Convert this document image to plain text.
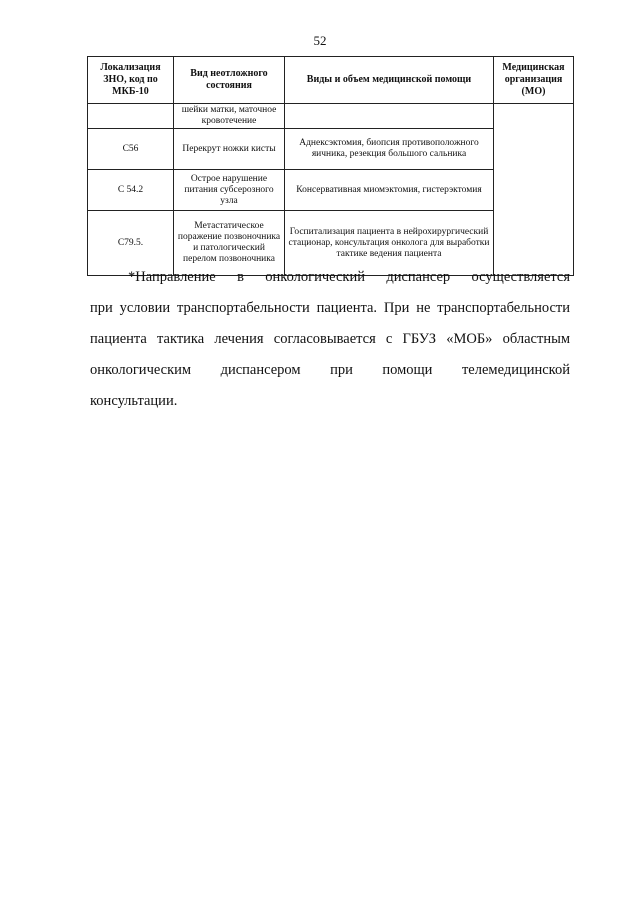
52
Локализация ЗНО, код по МКБ-10	Вид неотложного состояния	Виды и объем медицинской помощи	Медицинская организация (МО)
	шейки матки, маточное кровотечение		
С56	Перекрут ножки кисты	Аднексэктомия, биопсия противоположного яичника, резекция большого сальника	
С 54.2	Острое нарушение питания субсерозного узла	Консервативная миомэктомия, гистерэктомия	
С79.5.	Метастатическое поражение позвоночника и патологический перелом позвоночника	Госпитализация пациента в нейрохирургический стационар, консультация онколога для выработки тактике ведения пациента	
*Направление в онкологический диспансер осуществляется
при условии транспортабельности пациента. При не транспортабельности
пациента тактика лечения согласовывается с ГБУЗ «МОБ» областным
онкологическим диспансером при помощи телемедицинской
консультации.
